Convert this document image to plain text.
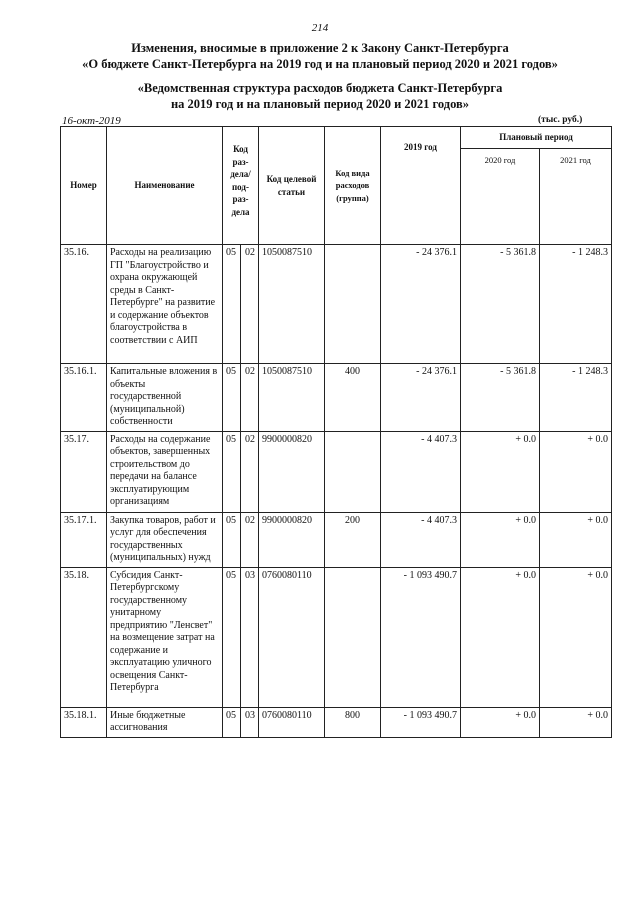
214
Изменения, вносимые в приложение 2 к Закону Санкт-Петербурга
«О бюджете Санкт-Петербурга на 2019 год и на плановый период 2020 и 2021 годов»
«Ведомственная структура расходов бюджета Санкт-Петербурга
на 2019 год и на плановый период 2020 и 2021 годов»
16-окт-2019	(тыс. руб.)
Номер	Наименование	Код раз-дела/ под-раз-дела		Код целевой статьи	Код вида расходов (группа)	2019 год	Плановый период	
							2020 год	2021 год
35.16.	Расходы на реализацию ГП "Благоустройство и охрана окружающей среды в Санкт-Петербурге" на развитие и содержание объектов благоустройства в соответствии с АИП	05	02	1050087510		- 24 376.1	- 5 361.8	- 1 248.3
35.16.1.	Капитальные вложения в объекты государственной (муниципальной) собственности	05	02	1050087510	400	- 24 376.1	- 5 361.8	- 1 248.3
35.17.	Расходы на содержание объектов, завершенных строительством до передачи на балансе эксплуатирующим организациям	05	02	9900000820		- 4 407.3	+ 0.0	+ 0.0
35.17.1.	Закупка товаров, работ и услуг для обеспечения государственных (муниципальных) нужд	05	02	9900000820	200	- 4 407.3	+ 0.0	+ 0.0
35.18.	Субсидия Санкт-Петербургскому государственному унитарному предприятию "Ленсвет" на возмещение затрат на содержание и эксплуатацию уличного освещения Санкт-Петербурга	05	03	0760080110		- 1 093 490.7	+ 0.0	+ 0.0
35.18.1.	Иные бюджетные ассигнования	05	03	0760080110	800	- 1 093 490.7	+ 0.0	+ 0.0
